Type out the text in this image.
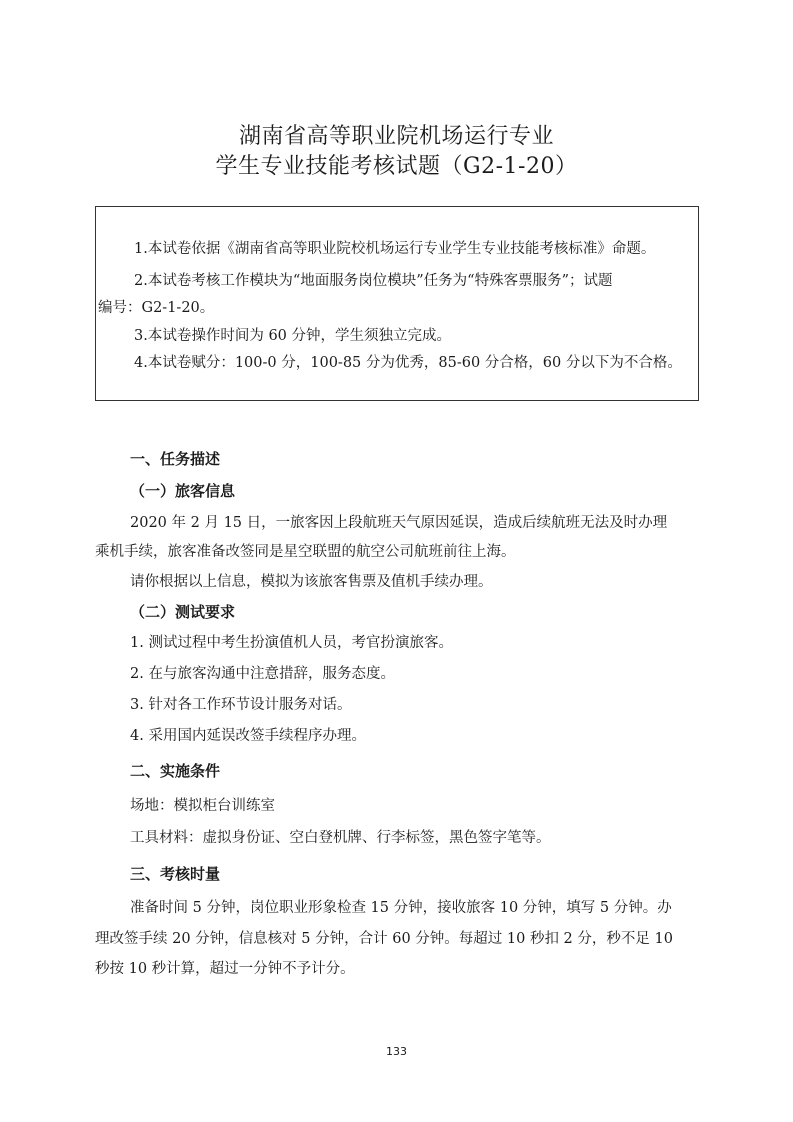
湖南省高等职业院机场运行专业
学生专业技能考核试题（G2-1-20）
1.本试卷依据《湖南省高等职业院校机场运行专业学生专业技能考核标准》命题。
2.本试卷考核工作模块为“地面服务岗位模块”任务为“特殊客票服务”；试题
编号：G2-1-20。
3.本试卷操作时间为 60 分钟，学生须独立完成。
4.本试卷赋分：100-0 分，100-85 分为优秀，85-60 分合格，60 分以下为不合格。
一、任务描述
（一）旅客信息
2020 年 2 月 15 日，一旅客因上段航班天气原因延误，造成后续航班无法及时办理
乘机手续，旅客准备改签同是星空联盟的航空公司航班前往上海。
请你根据以上信息，模拟为该旅客售票及值机手续办理。
（二）测试要求
1. 测试过程中考生扮演值机人员，考官扮演旅客。
2. 在与旅客沟通中注意措辞，服务态度。
3. 针对各工作环节设计服务对话。
4. 采用国内延误改签手续程序办理。
二、实施条件
场地：模拟柜台训练室
工具材料：虚拟身份证、空白登机牌、行李标签，黑色签字笔等。
三、考核时量
准备时间 5 分钟，岗位职业形象检查 15 分钟，接收旅客 10 分钟，填写 5 分钟。办
理改签手续 20 分钟，信息核对 5 分钟，合计 60 分钟。每超过 10 秒扣 2 分，秒不足 10
秒按 10 秒计算，超过一分钟不予计分。
133
